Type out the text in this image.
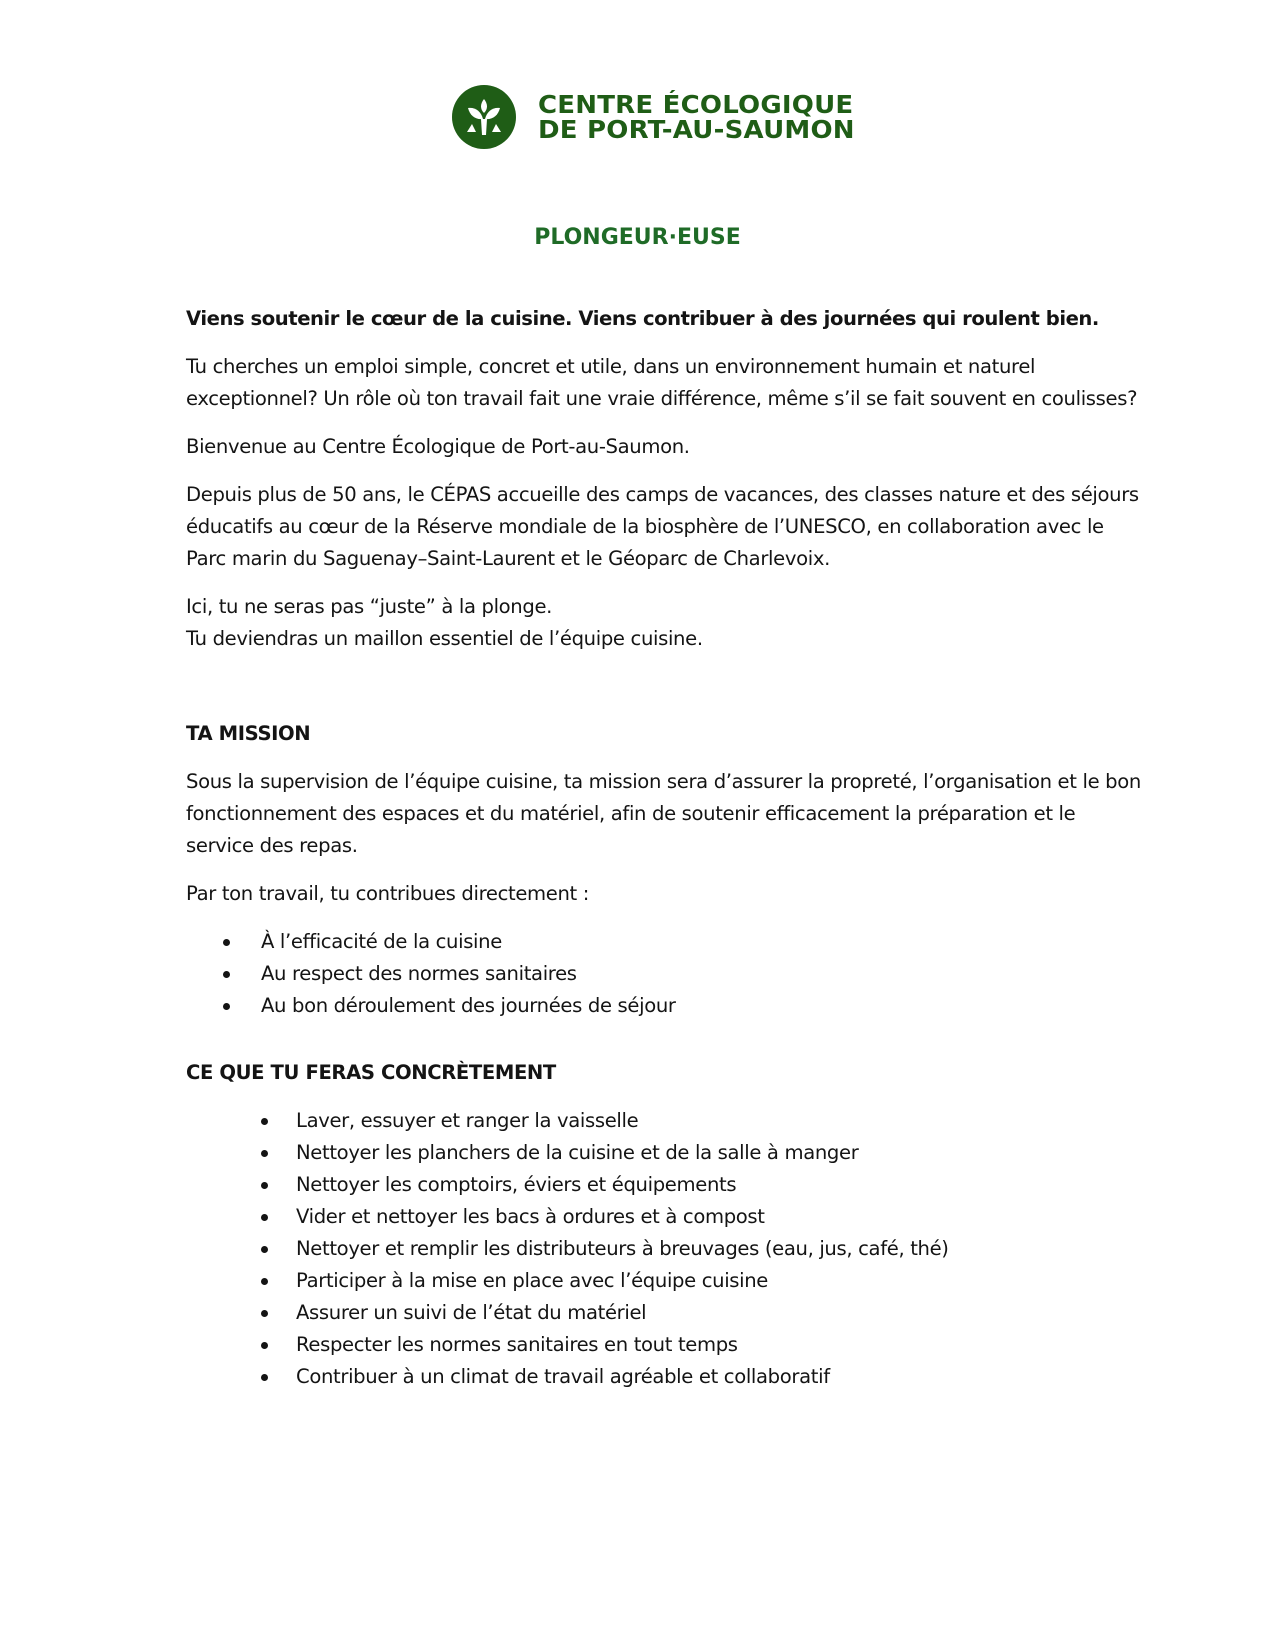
CENTRE ÉCOLOGIQUE
DE PORT-AU-SAUMON
PLONGEUR·EUSE

Viens soutenir le cœur de la cuisine. Viens contribuer à des journées qui roulent bien.

Tu cherches un emploi simple, concret et utile, dans un environnement humain et naturel exceptionnel? Un rôle où ton travail fait une vraie différence, même s’il se fait souvent en coulisses?

Bienvenue au Centre Écologique de Port-au-Saumon.

Depuis plus de 50 ans, le CÉPAS accueille des camps de vacances, des classes nature et des séjours éducatifs au cœur de la Réserve mondiale de la biosphère de l’UNESCO, en collaboration avec le Parc marin du Saguenay–Saint-Laurent et le Géoparc de Charlevoix.

Ici, tu ne seras pas “juste” à la plonge.
Tu deviendras un maillon essentiel de l’équipe cuisine.

TA MISSION

Sous la supervision de l’équipe cuisine, ta mission sera d’assurer la propreté, l’organisation et le bon fonctionnement des espaces et du matériel, afin de soutenir efficacement la préparation et le service des repas.

Par ton travail, tu contribues directement :

À l’efficacité de la cuisine
Au respect des normes sanitaires
Au bon déroulement des journées de séjour

CE QUE TU FERAS CONCRÈTEMENT

Laver, essuyer et ranger la vaisselle
Nettoyer les planchers de la cuisine et de la salle à manger
Nettoyer les comptoirs, éviers et équipements
Vider et nettoyer les bacs à ordures et à compost
Nettoyer et remplir les distributeurs à breuvages (eau, jus, café, thé)
Participer à la mise en place avec l’équipe cuisine
Assurer un suivi de l’état du matériel
Respecter les normes sanitaires en tout temps
Contribuer à un climat de travail agréable et collaboratif
